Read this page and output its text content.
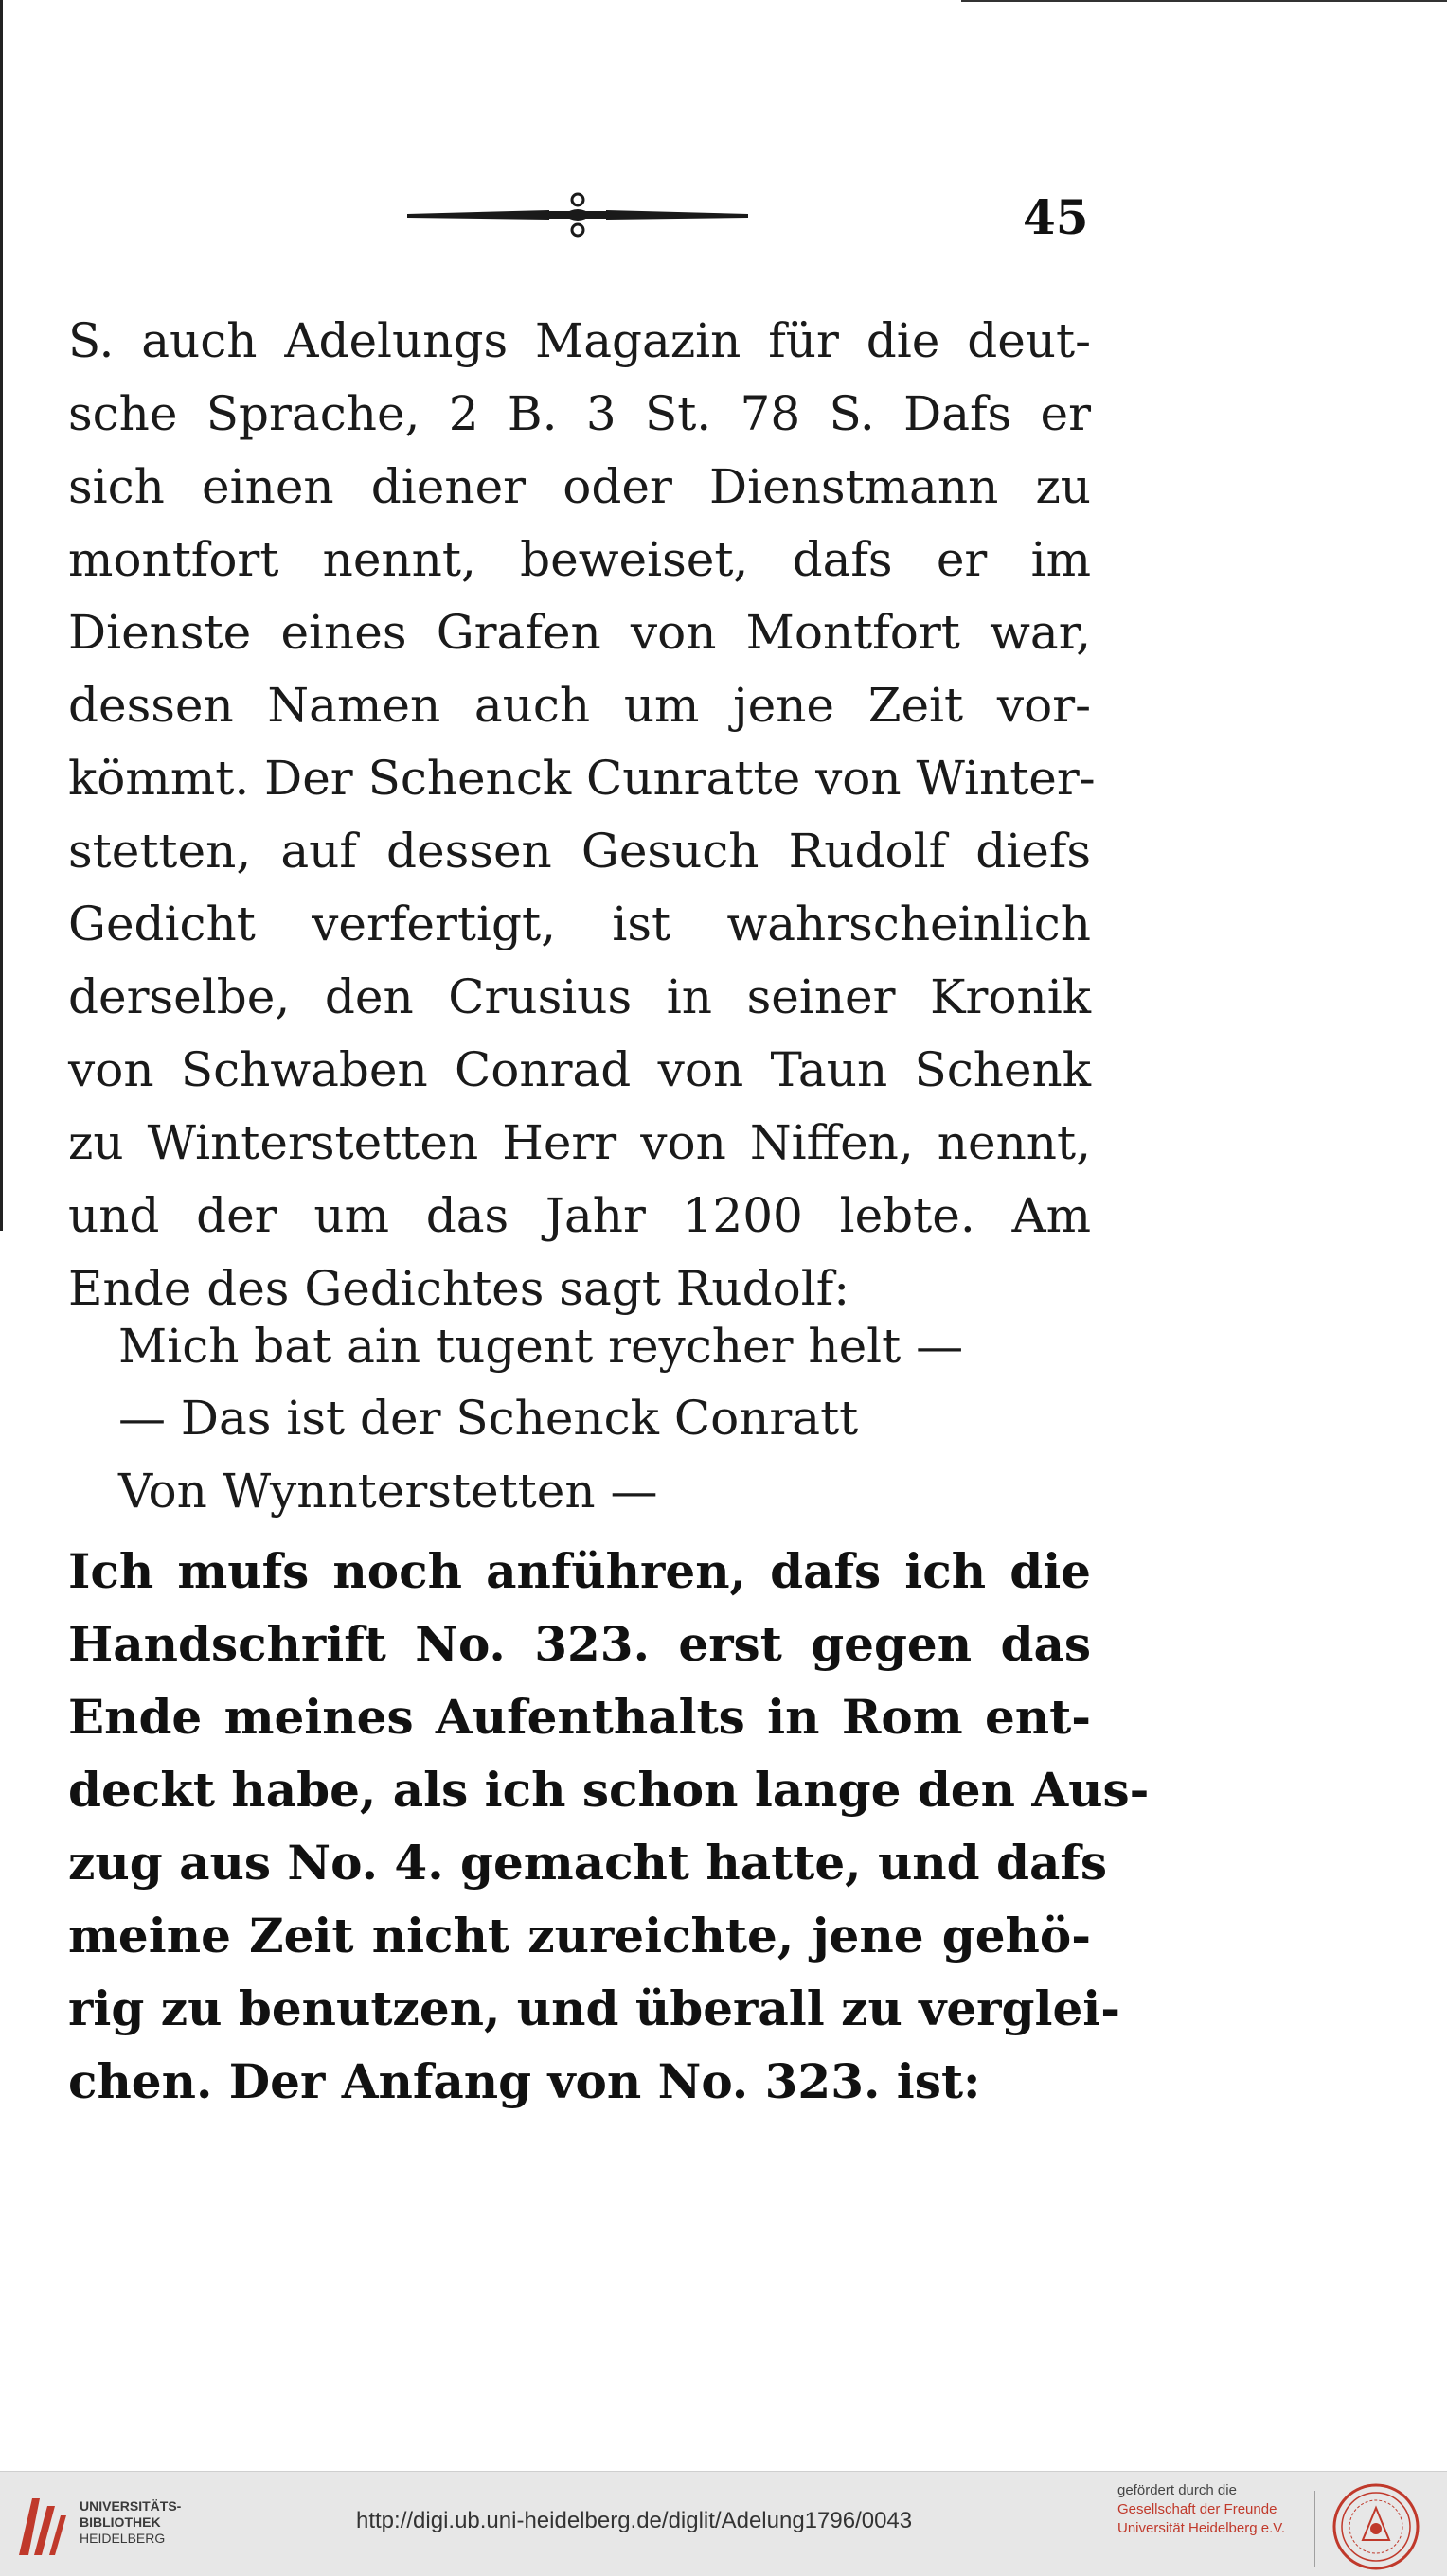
45
S. auch Adelungs Magazin für die deut-
sche Sprache, 2 B. 3 St. 78 S. Dafs er
sich einen diener oder Dienstmann zu
montfort nennt, beweiset, dafs er im
Dienste eines Grafen von Montfort war,
dessen Namen auch um jene Zeit vor-
kömmt. Der Schenck Cunratte von Winter-
stetten, auf dessen Gesuch Rudolf diefs
Gedicht verfertigt, ist wahrscheinlich
derselbe, den Crusius in seiner Kronik
von Schwaben Conrad von Taun Schenk
zu Winterstetten Herr von Niffen, nennt,
und der um das Jahr 1200 lebte. Am
Ende des Gedichtes sagt Rudolf:
Mich bat ain tugent reycher helt —
— Das ist der Schenck Conratt
Von Wynnterstetten —
Ich mufs noch anführen, dafs ich die
Handschrift No. 323. erst gegen das
Ende meines Aufenthalts in Rom ent-
deckt habe, als ich schon lange den Aus-
zug aus No. 4. gemacht hatte, und dafs
meine Zeit nicht zureichte, jene gehö-
rig zu benutzen, und überall zu verglei-
chen. Der Anfang von No. 323. ist:
UNIVERSITÄTS-
BIBLIOTHEK
HEIDELBERG
http://digi.ub.uni-heidelberg.de/diglit/Adelung1796/0043
gefördert durch die
Gesellschaft der Freunde
Universität Heidelberg e.V.
